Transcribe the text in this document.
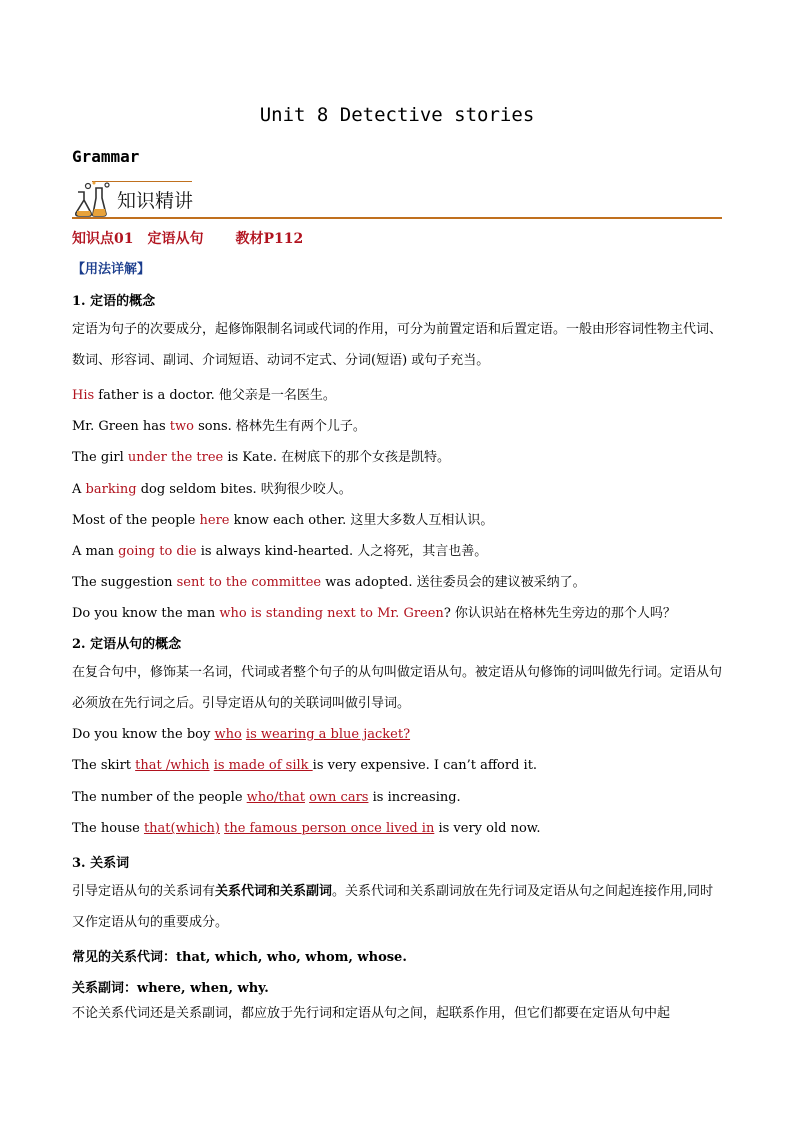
Unit 8 Detective stories
Grammar
知识精讲
知识点01 定语从句 教材P112
【用法详解】
1. 定语的概念
定语为句子的次要成分，起修饰限制名词或代词的作用，可分为前置定语和后置定语。一般由形容词性物主代词、数词、形容词、副词、介词短语、动词不定式、分词(短语) 或句子充当。
His father is a doctor. 他父亲是一名医生。
Mr. Green has two sons. 格林先生有两个儿子。
The girl under the tree is Kate. 在树底下的那个女孩是凯特。
A barking dog seldom bites. 吠狗很少咬人。
Most of the people here know each other. 这里大多数人互相认识。
A man going to die is always kind-hearted. 人之将死，其言也善。
The suggestion sent to the committee was adopted. 送往委员会的建议被采纳了。
Do you know the man who is standing next to Mr. Green? 你认识站在格林先生旁边的那个人吗？
2. 定语从句的概念
在复合句中，修饰某一名词，代词或者整个句子的从句叫做定语从句。被定语从句修饰的词叫做先行词。定语从句必须放在先行词之后。引导定语从句的关联词叫做引导词。
Do you know the boy who is wearing a blue jacket?
The skirt that /which is made of silk is very expensive. I can’t afford it.
The number of the people who/that own cars is increasing.
The house that(which) the famous person once lived in is very old now.
3. 关系词
引导定语从句的关系词有关系代词和关系副词。关系代词和关系副词放在先行词及定语从句之间起连接作用,同时又作定语从句的重要成分。
常见的关系代词：that, which, who, whom, whose.
关系副词：where, when, why.
不论关系代词还是关系副词，都应放于先行词和定语从句之间，起联系作用，但它们都要在定语从句中起
